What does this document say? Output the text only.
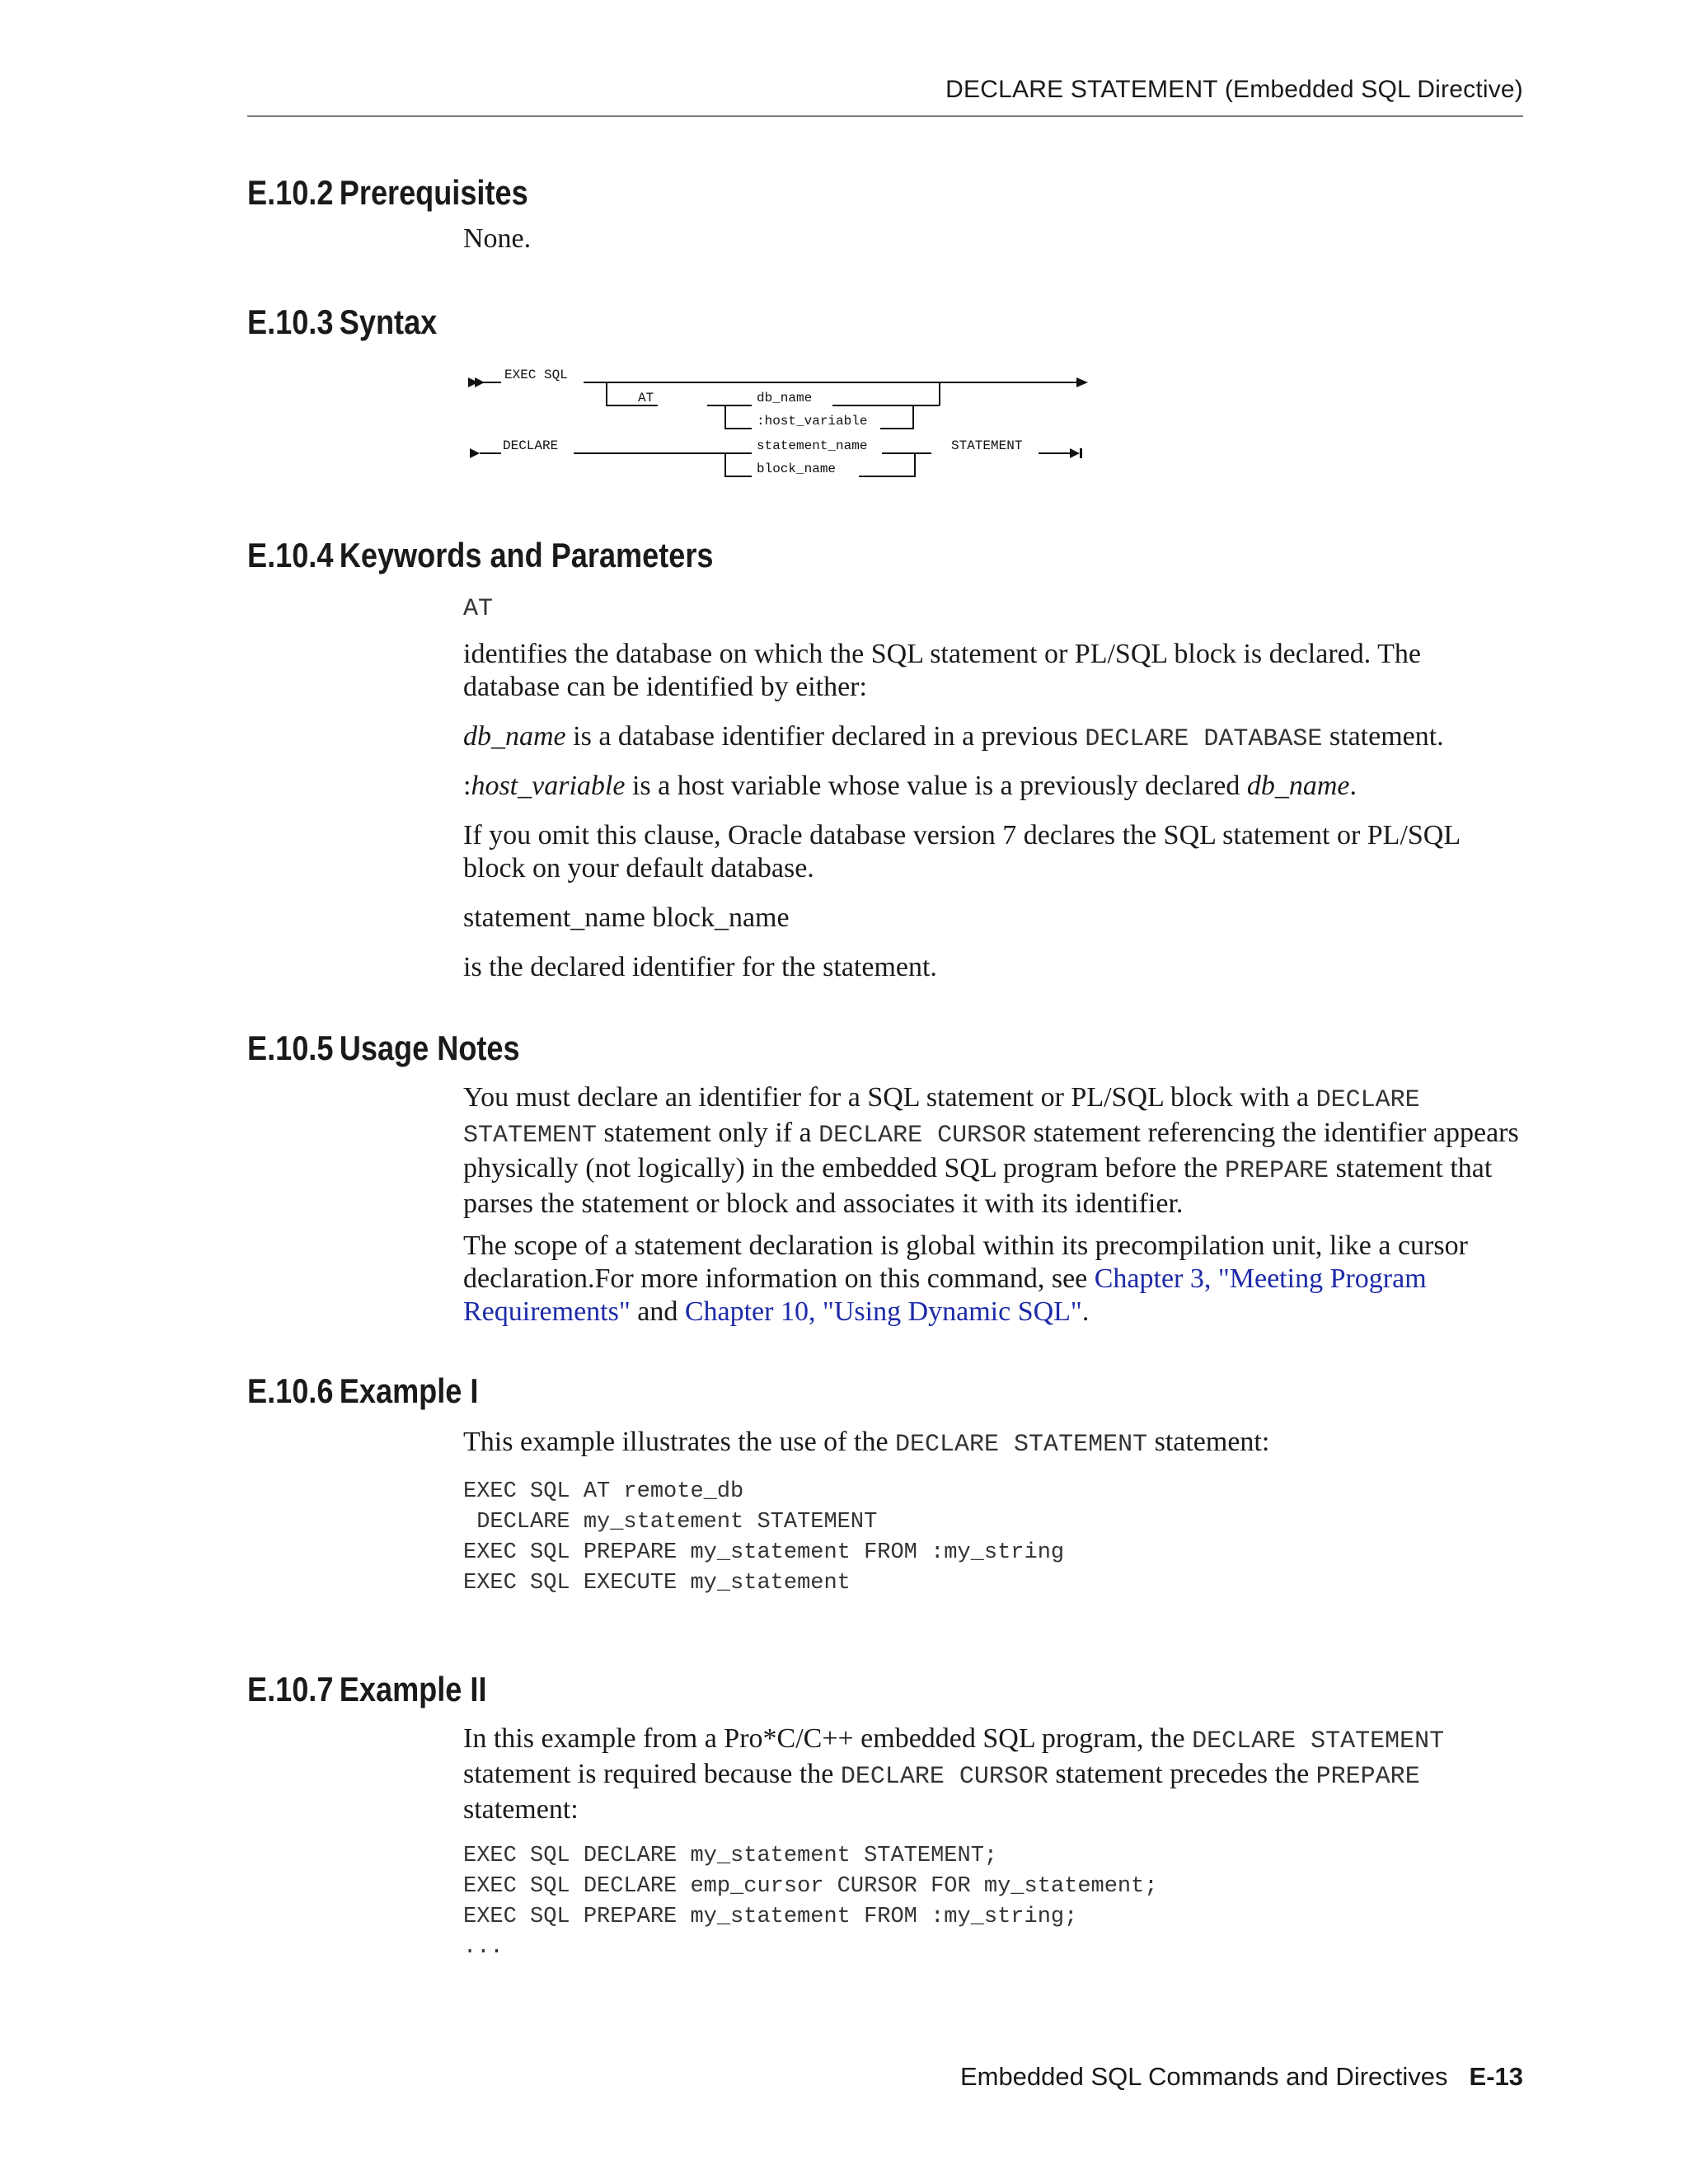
DECLARE STATEMENT (Embedded SQL Directive)
E.10.2 Prerequisites

None.

E.10.3 Syntax
EXEC SQL
AT	db_name
:host_variable
DECLARE	statement_name
block_name
STATEMENT
E.10.4 Keywords and Parameters

AT

identifies the database on which the SQL statement or PL/SQL block is declared. The database can be identified by either:

db_name is a database identifier declared in a previous DECLARE DATABASE statement.

:host_variable is a host variable whose value is a previously declared db_name.

If you omit this clause, Oracle database version 7 declares the SQL statement or PL/SQL block on your default database.

statement_name block_name

is the declared identifier for the statement.

E.10.5 Usage Notes

You must declare an identifier for a SQL statement or PL/SQL block with a DECLARE STATEMENT statement only if a DECLARE CURSOR statement referencing the identifier appears physically (not logically) in the embedded SQL program before the PREPARE statement that parses the statement or block and associates it with its identifier.

The scope of a statement declaration is global within its precompilation unit, like a cursor declaration.For more information on this command, see Chapter 3, "Meeting Program Requirements" and Chapter 10, "Using Dynamic SQL".

E.10.6 Example I

This example illustrates the use of the DECLARE STATEMENT statement:

EXEC SQL AT remote_db
DECLARE my_statement STATEMENT
EXEC SQL PREPARE my_statement FROM :my_string
EXEC SQL EXECUTE my_statement
E.10.7 Example II

In this example from a Pro*C/C++ embedded SQL program, the DECLARE STATEMENT statement is required because the DECLARE CURSOR statement precedes the PREPARE statement:

EXEC SQL DECLARE my_statement STATEMENT;
EXEC SQL DECLARE emp_cursor CURSOR FOR my_statement;
EXEC SQL PREPARE my_statement FROM :my_string;
...
Embedded SQL Commands and Directives E-13
